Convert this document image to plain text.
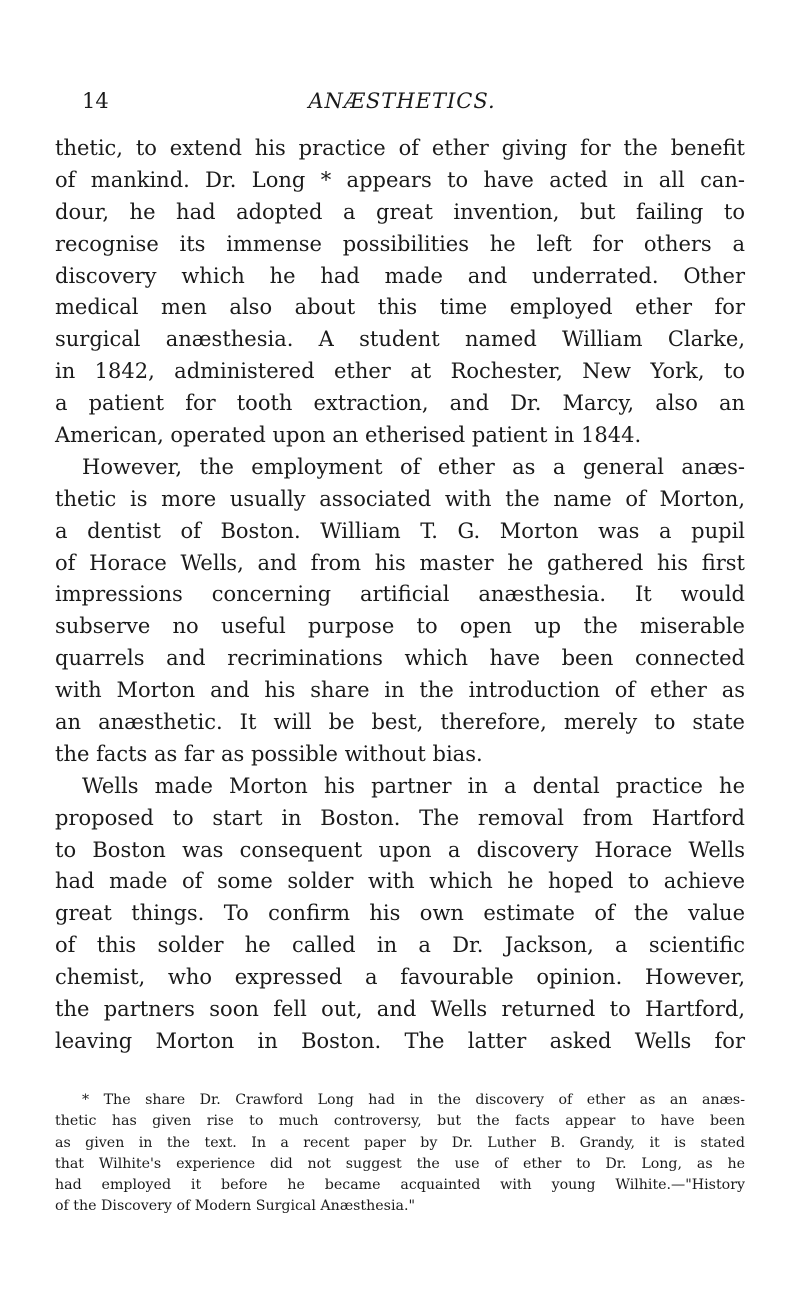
14	ANÆSTHETICS.
thetic, to extend his practice of ether giving for the benefit
of mankind. Dr. Long * appears to have acted in all can-
dour, he had adopted a great invention, but failing to
recognise its immense possibilities he left for others a
discovery which he had made and underrated. Other
medical men also about this time employed ether for
surgical anæsthesia. A student named William Clarke,
in 1842, administered ether at Rochester, New York, to
a patient for tooth extraction, and Dr. Marcy, also an
American, operated upon an etherised patient in 1844.
However, the employment of ether as a general anæs-
thetic is more usually associated with the name of Morton,
a dentist of Boston. William T. G. Morton was a pupil
of Horace Wells, and from his master he gathered his first
impressions concerning artificial anæsthesia. It would
subserve no useful purpose to open up the miserable
quarrels and recriminations which have been connected
with Morton and his share in the introduction of ether as
an anæsthetic. It will be best, therefore, merely to state
the facts as far as possible without bias.
Wells made Morton his partner in a dental practice he
proposed to start in Boston. The removal from Hartford
to Boston was consequent upon a discovery Horace Wells
had made of some solder with which he hoped to achieve
great things. To confirm his own estimate of the value
of this solder he called in a Dr. Jackson, a scientific
chemist, who expressed a favourable opinion. However,
the partners soon fell out, and Wells returned to Hartford,
leaving Morton in Boston. The latter asked Wells for
* The share Dr. Crawford Long had in the discovery of ether as an anæs-
thetic has given rise to much controversy, but the facts appear to have been
as given in the text. In a recent paper by Dr. Luther B. Grandy, it is stated
that Wilhite's experience did not suggest the use of ether to Dr. Long, as he
had employed it before he became acquainted with young Wilhite.—"History
of the Discovery of Modern Surgical Anæsthesia."
